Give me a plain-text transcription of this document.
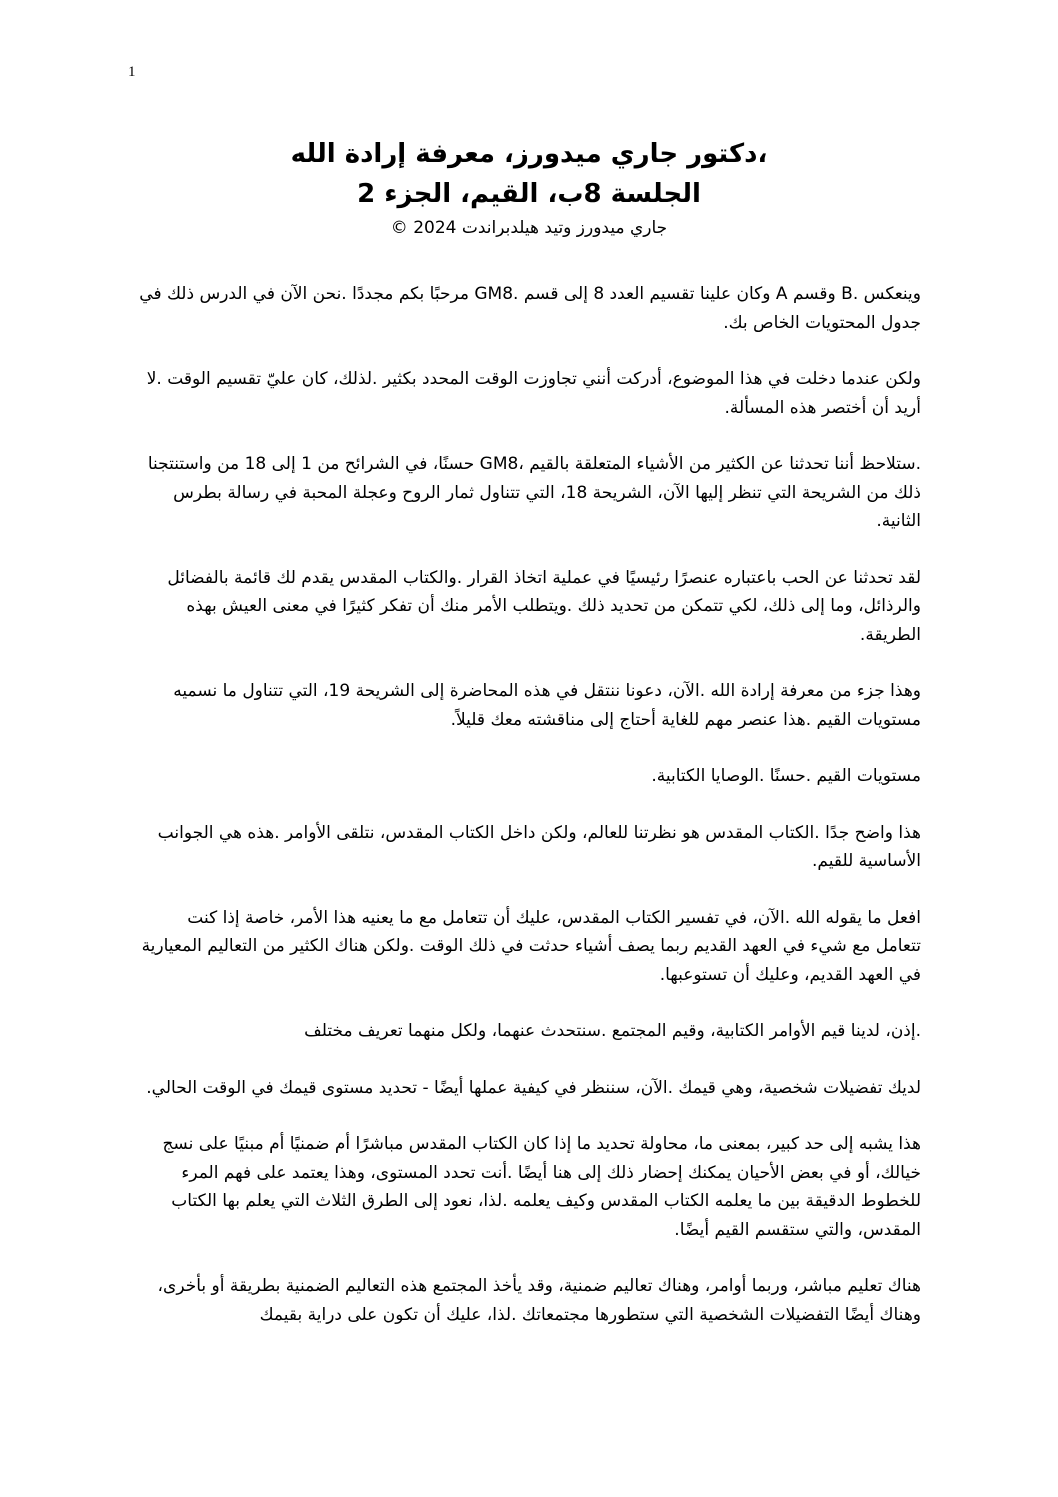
1
،دكتور جاري ميدورز، معرفة إرادة الله
الجلسة 8ب، القيم، الجزء 2
جاري ميدورز وتيد هيلدبراندت 2024 ©

وينعكس .B وقسم A وكان علينا تقسيم العدد 8 إلى قسم .GM8 مرحبًا بكم مجددًا .نحن الآن في الدرس ذلك في جدول المحتويات الخاص بك.

ولكن عندما دخلت في هذا الموضوع، أدركت أنني تجاوزت الوقت المحدد بكثير .لذلك، كان عليّ تقسيم الوقت .لا أريد أن أختصر هذه المسألة.

.ستلاحظ أننا تحدثنا عن الكثير من الأشياء المتعلقة بالقيم ،GM8 حسنًا، في الشرائح من 1 إلى 18 من واستنتجنا ذلك من الشريحة التي تنظر إليها الآن، الشريحة 18، التي تتناول ثمار الروح وعجلة المحبة في رسالة بطرس الثانية.

لقد تحدثنا عن الحب باعتباره عنصرًا رئيسيًا في عملية اتخاذ القرار .والكتاب المقدس يقدم لك قائمة بالفضائل والرذائل، وما إلى ذلك، لكي تتمكن من تحديد ذلك .ويتطلب الأمر منك أن تفكر كثيرًا في معنى العيش بهذه الطريقة.

وهذا جزء من معرفة إرادة الله .الآن، دعونا ننتقل في هذه المحاضرة إلى الشريحة 19، التي تتناول ما نسميه مستويات القيم .هذا عنصر مهم للغاية أحتاج إلى مناقشته معك قليلاً.

مستويات القيم .حسنًا .الوصايا الكتابية.

هذا واضح جدًا .الكتاب المقدس هو نظرتنا للعالم، ولكن داخل الكتاب المقدس، نتلقى الأوامر .هذه هي الجوانب الأساسية للقيم.

افعل ما يقوله الله .الآن، في تفسير الكتاب المقدس، عليك أن تتعامل مع ما يعنيه هذا الأمر، خاصة إذا كنت تتعامل مع شيء في العهد القديم ربما يصف أشياء حدثت في ذلك الوقت .ولكن هناك الكثير من التعاليم المعيارية في العهد القديم، وعليك أن تستوعبها.

.إذن، لدينا قيم الأوامر الكتابية، وقيم المجتمع .سنتحدث عنهما، ولكل منهما تعريف مختلف

لديك تفضيلات شخصية، وهي قيمك .الآن، سننظر في كيفية عملها أيضًا - تحديد مستوى قيمك في الوقت الحالي.

هذا يشبه إلى حد كبير، بمعنى ما، محاولة تحديد ما إذا كان الكتاب المقدس مباشرًا أم ضمنيًا أم مبنيًا على نسج خيالك، أو في بعض الأحيان يمكنك إحضار ذلك إلى هنا أيضًا .أنت تحدد المستوى، وهذا يعتمد على فهم المرء للخطوط الدقيقة بين ما يعلمه الكتاب المقدس وكيف يعلمه .لذا، نعود إلى الطرق الثلاث التي يعلم بها الكتاب المقدس، والتي ستقسم القيم أيضًا.

هناك تعليم مباشر، وربما أوامر، وهناك تعاليم ضمنية، وقد يأخذ المجتمع هذه التعاليم الضمنية بطريقة أو بأخرى، وهناك أيضًا التفضيلات الشخصية التي ستطورها مجتمعاتك .لذا، عليك أن تكون على دراية بقيمك
